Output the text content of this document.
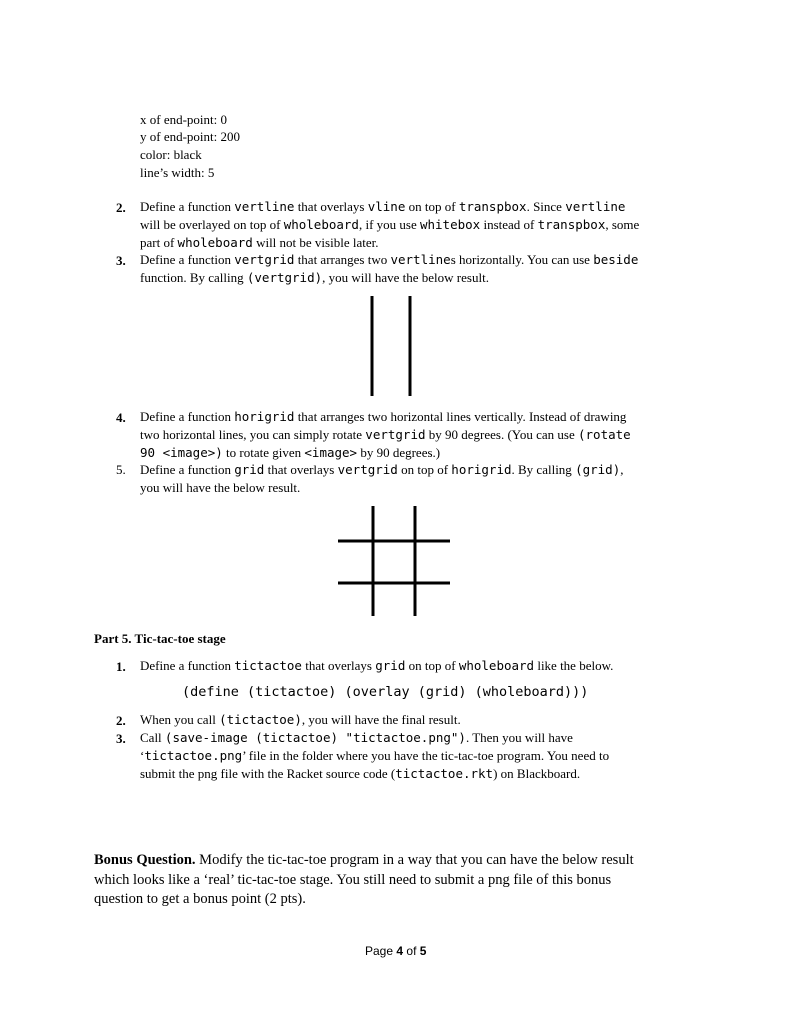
x of end-point: 0
y of end-point: 200
color: black
line’s width: 5
2. Define a function vertline that overlays vline on top of transpbox. Since vertline
will be overlayed on top of wholeboard, if you use whitebox instead of transpbox, some
part of wholeboard will not be visible later.
3. Define a function vertgrid that arranges two vertlines horizontally. You can use beside
function. By calling (vertgrid), you will have the below result.
4. Define a function horigrid that arranges two horizontal lines vertically. Instead of drawing
two horizontal lines, you can simply rotate vertgrid by 90 degrees. (You can use (rotate
90 <image>) to rotate given <image> by 90 degrees.)
5. Define a function grid that overlays vertgrid on top of horigrid. By calling (grid),
you will have the below result.
Part 5. Tic-tac-toe stage
1. Define a function tictactoe that overlays grid on top of wholeboard like the below.
(define (tictactoe) (overlay (grid) (wholeboard)))
2. When you call (tictactoe), you will have the final result.
3. Call (save-image (tictactoe) "tictactoe.png"). Then you will have
‘tictactoe.png’ file in the folder where you have the tic-tac-toe program. You need to
submit the png file with the Racket source code (tictactoe.rkt) on Blackboard.
Bonus Question. Modify the tic-tac-toe program in a way that you can have the below result
which looks like a ‘real’ tic-tac-toe stage. You still need to submit a png file of this bonus
question to get a bonus point (2 pts).
Page 4 of 5
